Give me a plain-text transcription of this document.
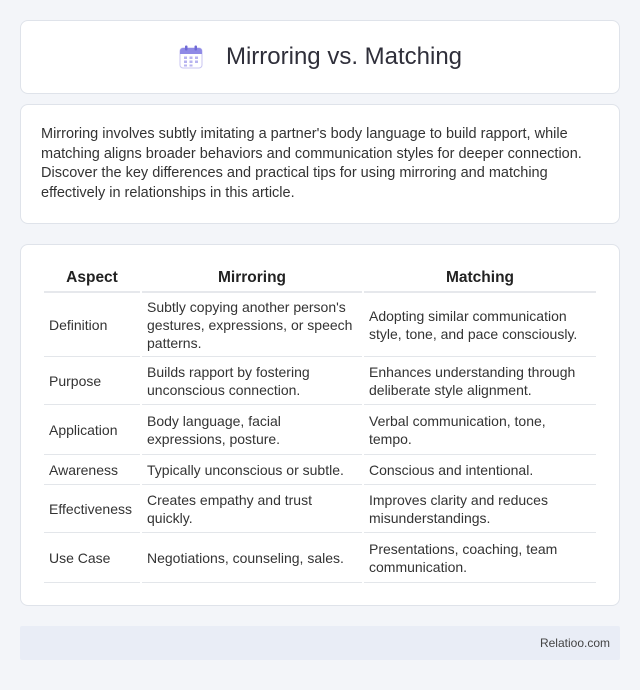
Mirroring vs. Matching

Mirroring involves subtly imitating a partner's body language to build rapport, while matching aligns broader behaviors and communication styles for deeper connection. Discover the key differences and practical tips for using mirroring and matching effectively in relationships in this article.

Aspect	Mirroring	Matching
Definition	Subtly copying another person's gestures, expressions, or speech patterns.	Adopting similar communication style, tone, and pace consciously.
Purpose	Builds rapport by fostering unconscious connection.	Enhances understanding through deliberate style alignment.
Application	Body language, facial expressions, posture.	Verbal communication, tone, tempo.
Awareness	Typically unconscious or subtle.	Conscious and intentional.
Effectiveness	Creates empathy and trust quickly.	Improves clarity and reduces misunderstandings.
Use Case	Negotiations, counseling, sales.	Presentations, coaching, team communication.
Relatioo.com
